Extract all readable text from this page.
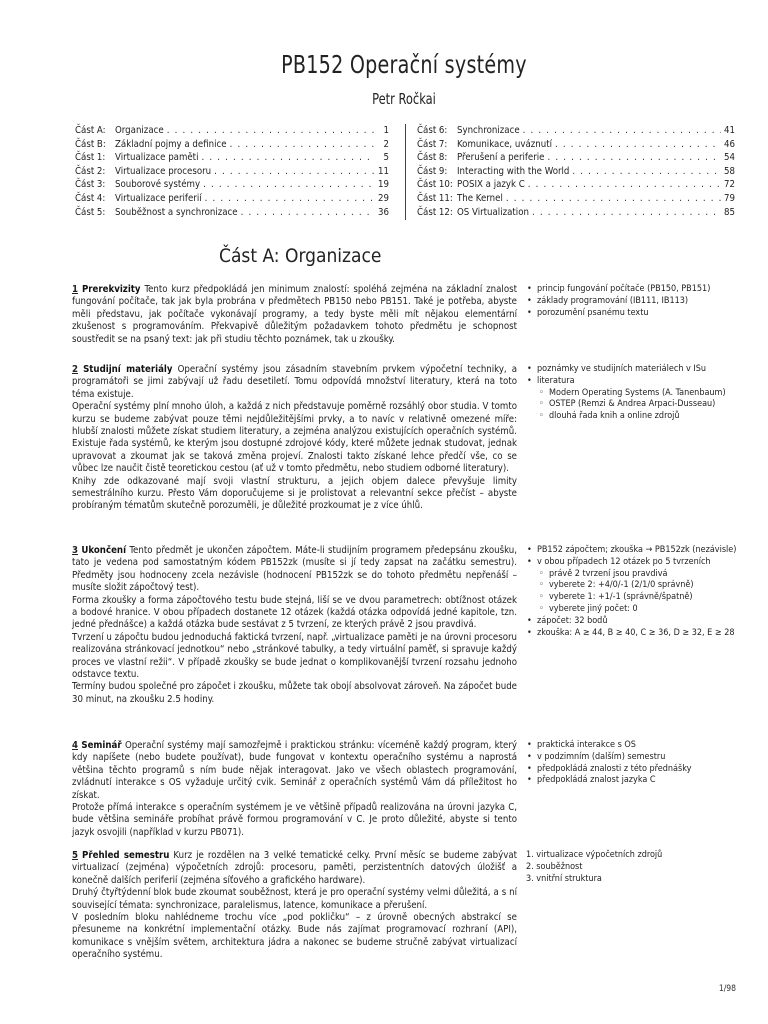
PB152 Operační systémy
Petr Ročkai
Část A: Organizace . . .	1
Část B: Základní pojmy a definice . . .	2
Část 1:	Virtualizace paměti . . .	5
Část 2:	Virtualizace procesoru . . .	11
Část 3:	Souborové systémy . . .	19
Část 4:	Virtualizace periferií . . .	29
Část 5:	Souběžnost a synchronizace . . .	36
Část 6:	Synchronizace . . .	41
Část 7:	Komunikace, uváznutí . . .	46
Část 8:	Přerušení a periferie . . .	54
Část 9:	Interacting with the World . . .	58
Část 10: POSIX a jazyk C . . .	72
Část 11: The Kernel . . .	79
Část 12: OS Virtualization . . .	85
Část A: Organizace

1 Prerekvizity Tento kurz předpokládá jen minimum znalostí: spoléhá zejména na základní znalost fungování počítače, tak jak byla probrána v předmětech PB150 nebo PB151. Také je potřeba, abyste měli představu, jak počítače vykonávají programy, a tedy byste měli mít nějakou elementární zkušenost s programováním. Překvapivě důležitým požadavkem tohoto předmětu je schopnost soustředit se na psaný text: jak při studiu těchto poznámek, tak u zkoušky.

• princip fungování počítače (PB150, PB151)
• základy programování (IB111, IB113)
• porozumění psanému textu

2 Studijní materiály Operační systémy jsou zásadním stavebním prvkem výpočetní techniky, a programátoři se jimi zabývají už řadu desetiletí. Tomu odpovídá množství literatury, která na toto téma existuje.

Operační systémy plní mnoho úloh, a každá z nich představuje poměrně rozsáhlý obor studia. V tomto kurzu se budeme zabývat pouze těmi nejdůležitějšími prvky, a to navíc v relativně omezené míře: hlubší znalosti můžete získat studiem literatury, a zejména analýzou existujících operačních systémů. Existuje řada systémů, ke kterým jsou dostupné zdrojové kódy, které můžete jednak studovat, jednak upravovat a zkoumat jak se taková změna projeví. Znalosti takto získané lehce předčí vše, co se vůbec lze naučit čistě teoretickou cestou (ať už v tomto předmětu, nebo studiem odborné literatury).

Knihy zde odkazované mají svoji vlastní strukturu, a jejich objem dalece převyšuje limity semestrálního kurzu. Přesto Vám doporučujeme si je prolistovat a relevantní sekce přečíst – abyste probíraným tématům skutečně porozuměli, je důležité prozkoumat je z více úhlů.

• poznámky ve studijních materiálech v ISu
• literatura
◦ Modern Operating Systems (A. Tanenbaum)
◦ OSTEP (Remzi & Andrea Arpaci-Dusseau)
◦ dlouhá řada knih a online zdrojů

3 Ukončení Tento předmět je ukončen zápočtem. Máte-li studijním programem předepsánu zkoušku, tato je vedena pod samostatným kódem PB152zk (musíte si jí tedy zapsat na začátku semestru). Předměty jsou hodnoceny zcela nezávisle (hodnocení PB152zk se do tohoto předmětu nepřenáší – musíte složit zápočtový test).

Forma zkoušky a forma zápočtového testu bude stejná, liší se ve dvou parametrech: obtížnost otázek a bodové hranice. V obou případech dostanete 12 otázek (každá otázka odpovídá jedné kapitole, tzn. jedné přednášce) a každá otázka bude sestávat z 5 tvrzení, ze kterých právě 2 jsou pravdivá.

Tvrzení u zápočtu budou jednoduchá faktická tvrzení, např. „virtualizace paměti je na úrovni procesoru realizována stránkovací jednotkou“ nebo „stránkové tabulky, a tedy virtuální paměť, si spravuje každý proces ve vlastní režii“. V případě zkoušky se bude jednat o komplikovanější tvrzení rozsahu jednoho odstavce textu.

Termíny budou společné pro zápočet i zkoušku, můžete tak obojí absolvovat zároveň. Na zápočet bude 30 minut, na zkoušku 2.5 hodiny.

• PB152 zápočtem; zkouška → PB152zk (nezávisle)
• v obou případech 12 otázek po 5 tvrzeních
◦ právě 2 tvrzení jsou pravdivá
◦ vyberete 2: +4/0/-1 (2/1/0 správně)
◦ vyberete 1: +1/-1 (správně/špatně)
◦ vyberete jiný počet: 0
• zápočet: 32 bodů
• zkouška: A ≥ 44, B ≥ 40, C ≥ 36, D ≥ 32, E ≥ 28

4 Seminář Operační systémy mají samozřejmě i praktickou stránku: víceméně každý program, který kdy napíšete (nebo budete používat), bude fungovat v kontextu operačního systému a naprostá většina těchto programů s ním bude nějak interagovat. Jako ve všech oblastech programování, zvládnutí interakce s OS vyžaduje určitý cvik. Seminář z operačních systémů Vám dá příležitost ho získat.

Protože přímá interakce s operačním systémem je ve většině případů realizována na úrovni jazyka C, bude většina semináře probíhat právě formou programování v C. Je proto důležité, abyste si tento jazyk osvojili (například v kurzu PB071).

• praktická interakce s OS
• v podzimním (dalším) semestru
• předpokládá znalosti z této přednášky
• předpokládá znalost jazyka C

5 Přehled semestru Kurz je rozdělen na 3 velké tematické celky. První měsíc se budeme zabývat virtualizací (zejména) výpočetních zdrojů: procesoru, paměti, perzistentních datových úložišť a konečně dalších periferií (zejména síťového a grafického hardware).

Druhý čtyřtýdenní blok bude zkoumat souběžnost, která je pro operační systémy velmi důležitá, a s ní související témata: synchronizace, paralelismus, latence, komunikace a přerušení.

V posledním bloku nahlédneme trochu více „pod pokličku“ – z úrovně obecných abstrakcí se přesuneme na konkrétní implementační otázky. Bude nás zajímat programovací rozhraní (API), komunikace s vnějším světem, architektura jádra a nakonec se budeme stručně zabývat virtualizací operačního systému.

1. virtualizace výpočetních zdrojů
2. souběžnost
3. vnitřní struktura
1/98
